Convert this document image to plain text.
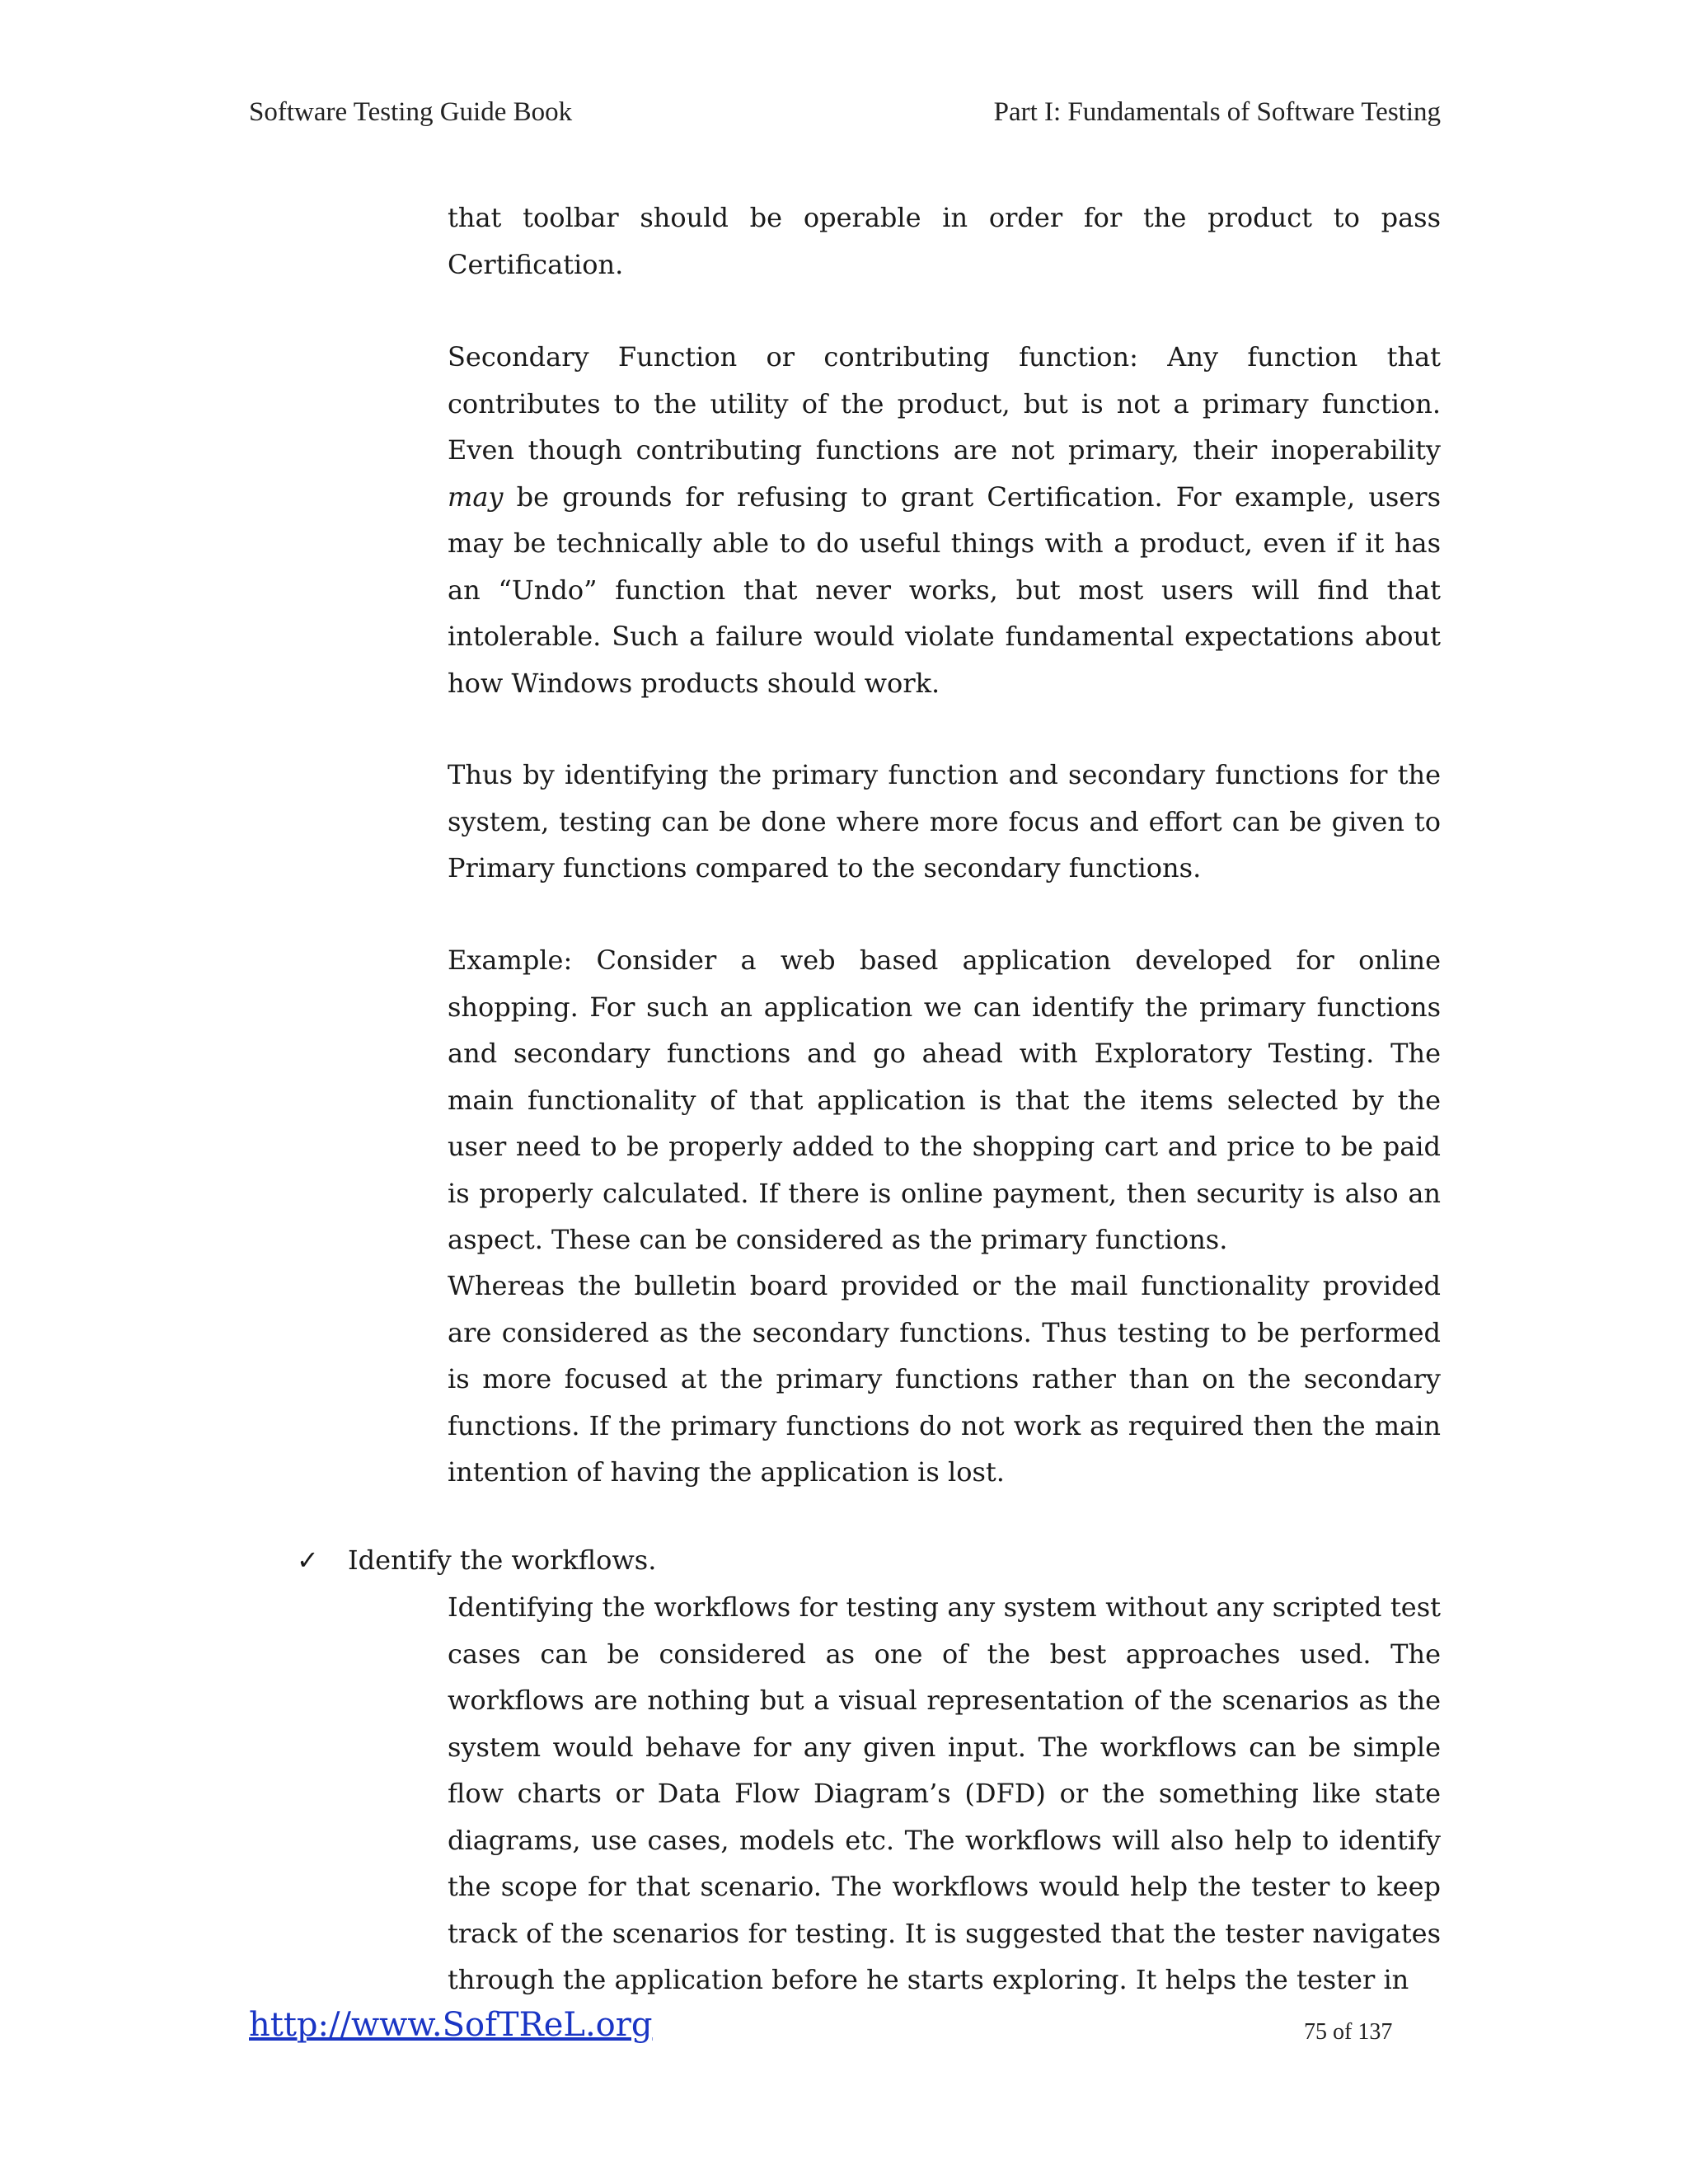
Software Testing Guide Book	Part I: Fundamentals of Software Testing

that toolbar should be operable in order for the product to pass Certification.

Secondary Function or contributing function: Any function that contributes to the utility of the product, but is not a primary function. Even though contributing functions are not primary, their inoperability may be grounds for refusing to grant Certification. For example, users may be technically able to do useful things with a product, even if it has an “Undo” function that never works, but most users will find that intolerable. Such a failure would violate fundamental expectations about how Windows products should work.

Thus by identifying the primary function and secondary functions for the system, testing can be done where more focus and effort can be given to Primary functions compared to the secondary functions.

Example: Consider a web based application developed for online shopping. For such an application we can identify the primary functions and secondary functions and go ahead with Exploratory Testing. The main functionality of that application is that the items selected by the user need to be properly added to the shopping cart and price to be paid is properly calculated. If there is online payment, then security is also an aspect. These can be considered as the primary functions.

Whereas the bulletin board provided or the mail functionality provided are considered as the secondary functions. Thus testing to be performed is more focused at the primary functions rather than on the secondary functions. If the primary functions do not work as required then the main intention of having the application is lost.

✓ Identify the workflows.

Identifying the workflows for testing any system without any scripted test cases can be considered as one of the best approaches used. The workflows are nothing but a visual representation of the scenarios as the system would behave for any given input. The workflows can be simple flow charts or Data Flow Diagram’s (DFD) or the something like state diagrams, use cases, models etc. The workflows will also help to identify the scope for that scenario. The workflows would help the tester to keep track of the scenarios for testing. It is suggested that the tester navigates through the application before he starts exploring. It helps the tester in

http://www.SofTReL.org	75 of 137
